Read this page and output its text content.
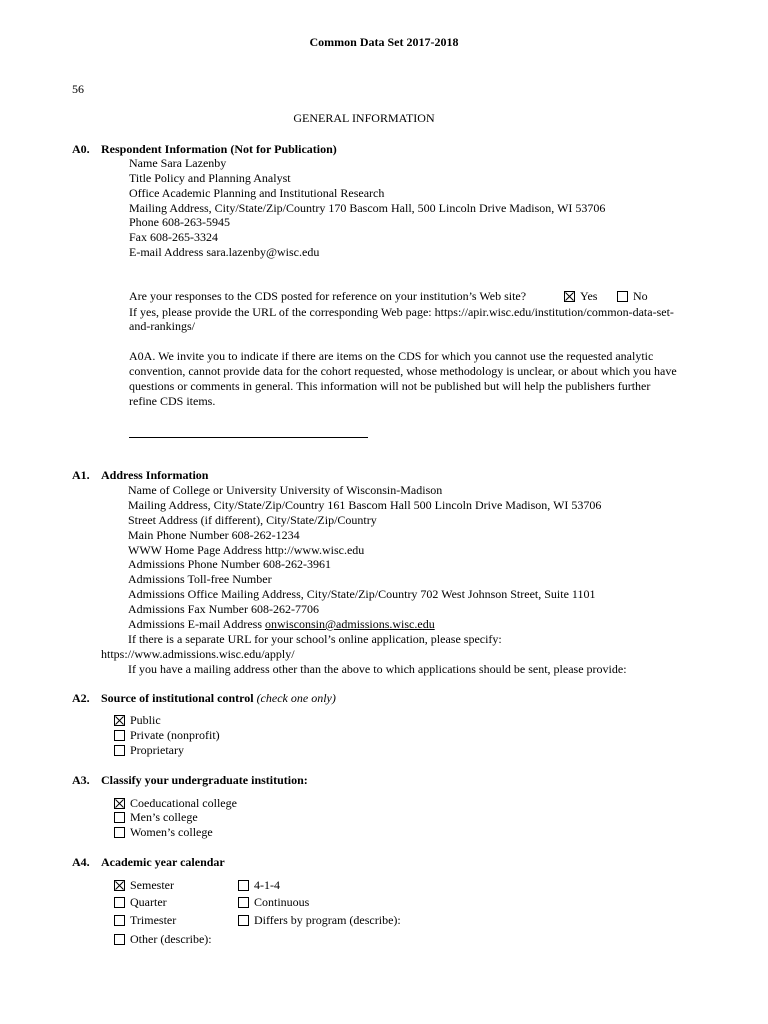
Common Data Set 2017-2018
56
GENERAL INFORMATION
A0. Respondent Information (Not for Publication)
Name Sara Lazenby
Title Policy and Planning Analyst
Office Academic Planning and Institutional Research
Mailing Address, City/State/Zip/Country 170 Bascom Hall, 500 Lincoln Drive Madison, WI 53706
Phone 608-263-5945
Fax 608-265-3324
E-mail Address sara.lazenby@wisc.edu
Are your responses to the CDS posted for reference on your institution’s Web site?	Yes	No
If yes, please provide the URL of the corresponding Web page: https://apir.wisc.edu/institution/common-data-set-
and-rankings/
A0A. We invite you to indicate if there are items on the CDS for which you cannot use the requested analytic
convention, cannot provide data for the cohort requested, whose methodology is unclear, or about which you have
questions or comments in general. This information will not be published but will help the publishers further
refine CDS items.
A1. Address Information
Name of College or University University of Wisconsin-Madison
Mailing Address, City/State/Zip/Country 161 Bascom Hall 500 Lincoln Drive Madison, WI 53706
Street Address (if different), City/State/Zip/Country
Main Phone Number 608-262-1234
WWW Home Page Address http://www.wisc.edu
Admissions Phone Number 608-262-3961
Admissions Toll-free Number
Admissions Office Mailing Address, City/State/Zip/Country 702 West Johnson Street, Suite 1101
Admissions Fax Number 608-262-7706
Admissions E-mail Address onwisconsin@admissions.wisc.edu
If there is a separate URL for your school’s online application, please specify:
https://www.admissions.wisc.edu/apply/
If you have a mailing address other than the above to which applications should be sent, please provide:
A2. Source of institutional control (check one only)
Public
Private (nonprofit)
Proprietary
A3. Classify your undergraduate institution:
Coeducational college
Men’s college
Women’s college
A4. Academic year calendar
Semester
Quarter
Trimester
Other (describe):
4-1-4
Continuous
Differs by program (describe):
